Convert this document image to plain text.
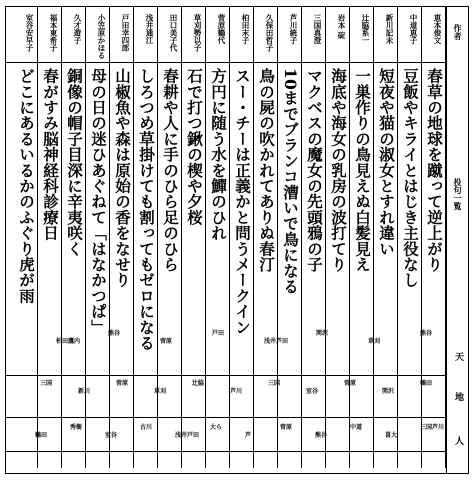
作者
投句一覧
天
地
人
恵本俊文
春草の地球を蹴って逆上がり
中道恵子
豆飯やキライとはじき主役なし
新川記未
短夜や猫の淑女とすれ違い
辻脇系一
一巣作りの鳥見えぬ白髪見え
岩本 碇
海底や海女の乳房の波打てり
三国真澄
マクベスの魔女の先頭鴉の子
芦川統子
10までブランコ漕いで鳥になる
久保田哲子
鳥の屍の吹かれてありぬ春汀
柏田末子
スー・チーは正義かと問うメークイン
菅原鶴代
方円に随う水を鱓のひれ
草刈勢以子
石で打つ鍬の楔や夕桜
田口美子代
春耕や人に手のひら足のひら
浅井通江
しろつめ草掛けても割ってもゼロになる
戸田幸四郎
山椒魚や森は原始の香をなせり
小笠原かほる
母の日の迷ひあぐねて「はなかつぱ」
久才遊子
銅像の帽子目深に辛夷咲く
福本東希子
春がすみ脳神経科診療日
室谷安早子
どこにあるいるかのふぐり虎が雨
熊谷
草刈
関沢
浅井芦田
戸田
菅原
熊谷
柏田鷹内
鶴田
関沢
菅原
室谷
三国
芦川
辻脇
草刈
菅原
新川
三国
三国芦川
喜大
中道
熊谷
菅原
芦
大ら
浅井戸田
古川
室谷
秀樹
鶴田
